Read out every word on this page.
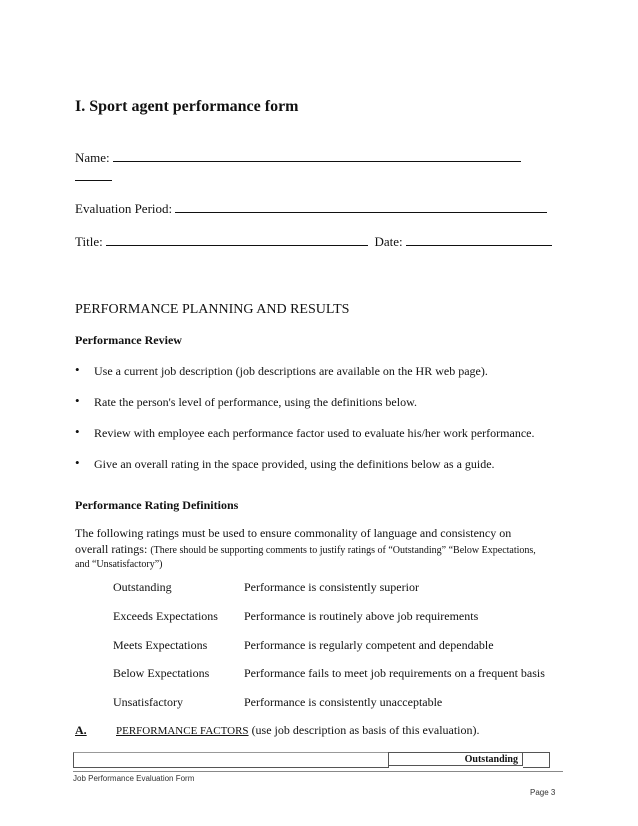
I. Sport agent performance form
Name:
Evaluation Period:
Title:	Date:
PERFORMANCE PLANNING AND RESULTS
Performance Review
• Use a current job description (job descriptions are available on the HR web page).
• Rate the person's level of performance, using the definitions below.
• Review with employee each performance factor used to evaluate his/her work performance.
• Give an overall rating in the space provided, using the definitions below as a guide.
Performance Rating Definitions
The following ratings must be used to ensure commonality of language and consistency on
overall ratings: (There should be supporting comments to justify ratings of “Outstanding” “Below Expectations,
and “Unsatisfactory”)
Outstanding	Performance is consistently superior
Exceeds Expectations Performance is routinely above job requirements
Meets Expectations	Performance is regularly competent and dependable
Below Expectations	Performance fails to meet job requirements on a frequent basis
Unsatisfactory	Performance is consistently unacceptable
A.	PERFORMANCE FACTORS (use job description as basis of this evaluation).
Outstanding
Job Performance Evaluation Form
Page 3
